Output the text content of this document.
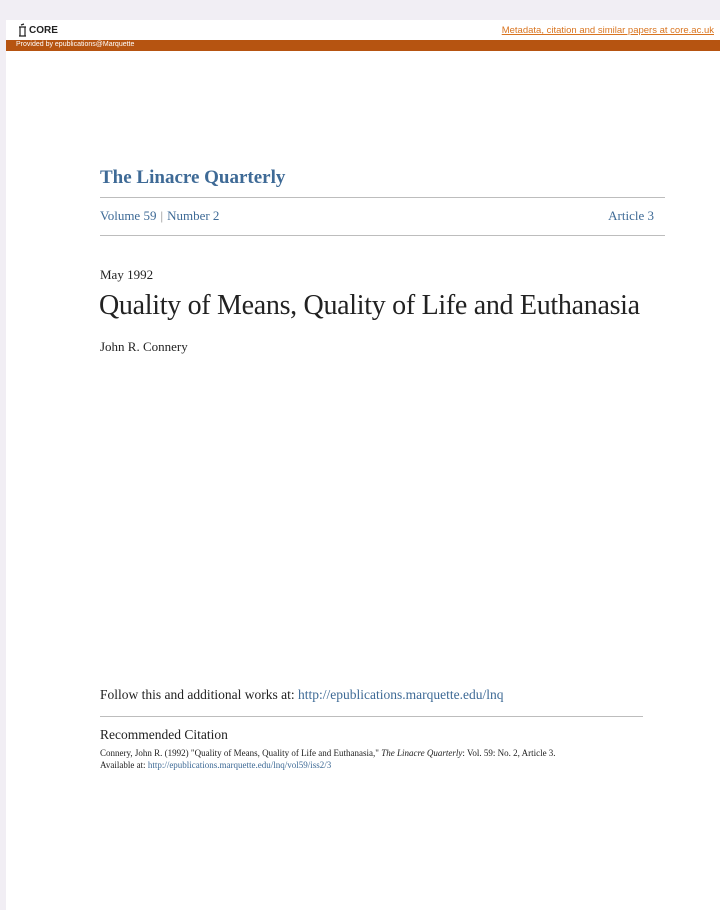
CORE	Metadata, citation and similar papers at core.ac.uk
Provided by epublications@Marquette
The Linacre Quarterly
Volume 59 | Number 2	Article 3
May 1992
Quality of Means, Quality of Life and Euthanasia
John R. Connery
Follow this and additional works at: http://epublications.marquette.edu/lnq
Recommended Citation
Connery, John R. (1992) "Quality of Means, Quality of Life and Euthanasia," The Linacre Quarterly: Vol. 59: No. 2, Article 3.
Available at: http://epublications.marquette.edu/lnq/vol59/iss2/3
